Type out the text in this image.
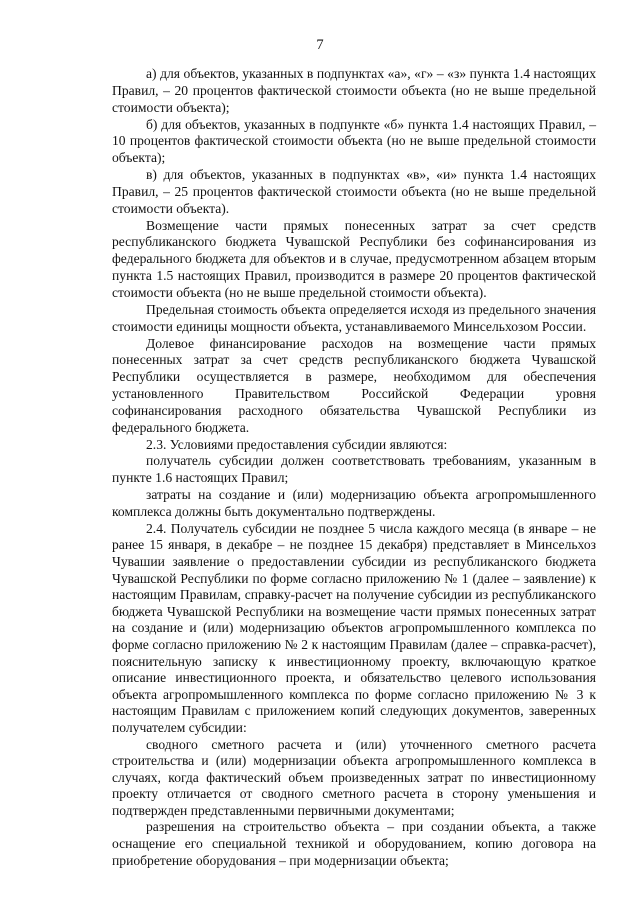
7

а) для объектов, указанных в подпунктах «а», «г» – «з» пункта 1.4 настоящих Правил, – 20 процентов фактической стоимости объекта (но не выше предельной стоимости объекта);

б) для объектов, указанных в подпункте «б» пункта 1.4 настоящих Правил, – 10 процентов фактической стоимости объекта (но не выше предельной стоимости объекта);

в) для объектов, указанных в подпунктах «в», «и» пункта 1.4 настоящих Правил, – 25 процентов фактической стоимости объекта (но не выше предельной стоимости объекта).

Возмещение части прямых понесенных затрат за счет средств республиканского бюджета Чувашской Республики без софинансирования из федерального бюджета для объектов и в случае, предусмотренном абзацем вторым пункта 1.5 настоящих Правил, производится в размере 20 процентов фактической стоимости объекта (но не выше предельной стоимости объекта).

Предельная стоимость объекта определяется исходя из предельного значения стоимости единицы мощности объекта, устанавливаемого Минсельхозом России.

Долевое финансирование расходов на возмещение части прямых понесенных затрат за счет средств республиканского бюджета Чувашской Республики осуществляется в размере, необходимом для обеспечения установленного Правительством Российской Федерации уровня софинансирования расходного обязательства Чувашской Республики из федерального бюджета.

2.3. Условиями предоставления субсидии являются:

получатель субсидии должен соответствовать требованиям, указанным в пункте 1.6 настоящих Правил;

затраты на создание и (или) модернизацию объекта агропромышленного комплекса должны быть документально подтверждены.

2.4. Получатель субсидии не позднее 5 числа каждого месяца (в январе – не ранее 15 января, в декабре – не позднее 15 декабря) представляет в Минсельхоз Чувашии заявление о предоставлении субсидии из республиканского бюджета Чувашской Республики по форме согласно приложению № 1 (далее – заявление) к настоящим Правилам, справку-расчет на получение субсидии из республиканского бюджета Чувашской Республики на возмещение части прямых понесенных затрат на создание и (или) модернизацию объектов агропромышленного комплекса по форме согласно приложению № 2 к настоящим Правилам (далее – справка-расчет), пояснительную записку к инвестиционному проекту, включающую краткое описание инвестиционного проекта, и обязательство целевого использования объекта агропромышленного комплекса по форме согласно приложению № 3 к настоящим Правилам с приложением копий следующих документов, заверенных получателем субсидии:

сводного сметного расчета и (или) уточненного сметного расчета строительства и (или) модернизации объекта агропромышленного комплекса в случаях, когда фактический объем произведенных затрат по инвестиционному проекту отличается от сводного сметного расчета в сторону уменьшения и подтвержден представленными первичными документами;

разрешения на строительство объекта – при создании объекта, а также оснащение его специальной техникой и оборудованием, копию договора на приобретение оборудования – при модернизации объекта;
